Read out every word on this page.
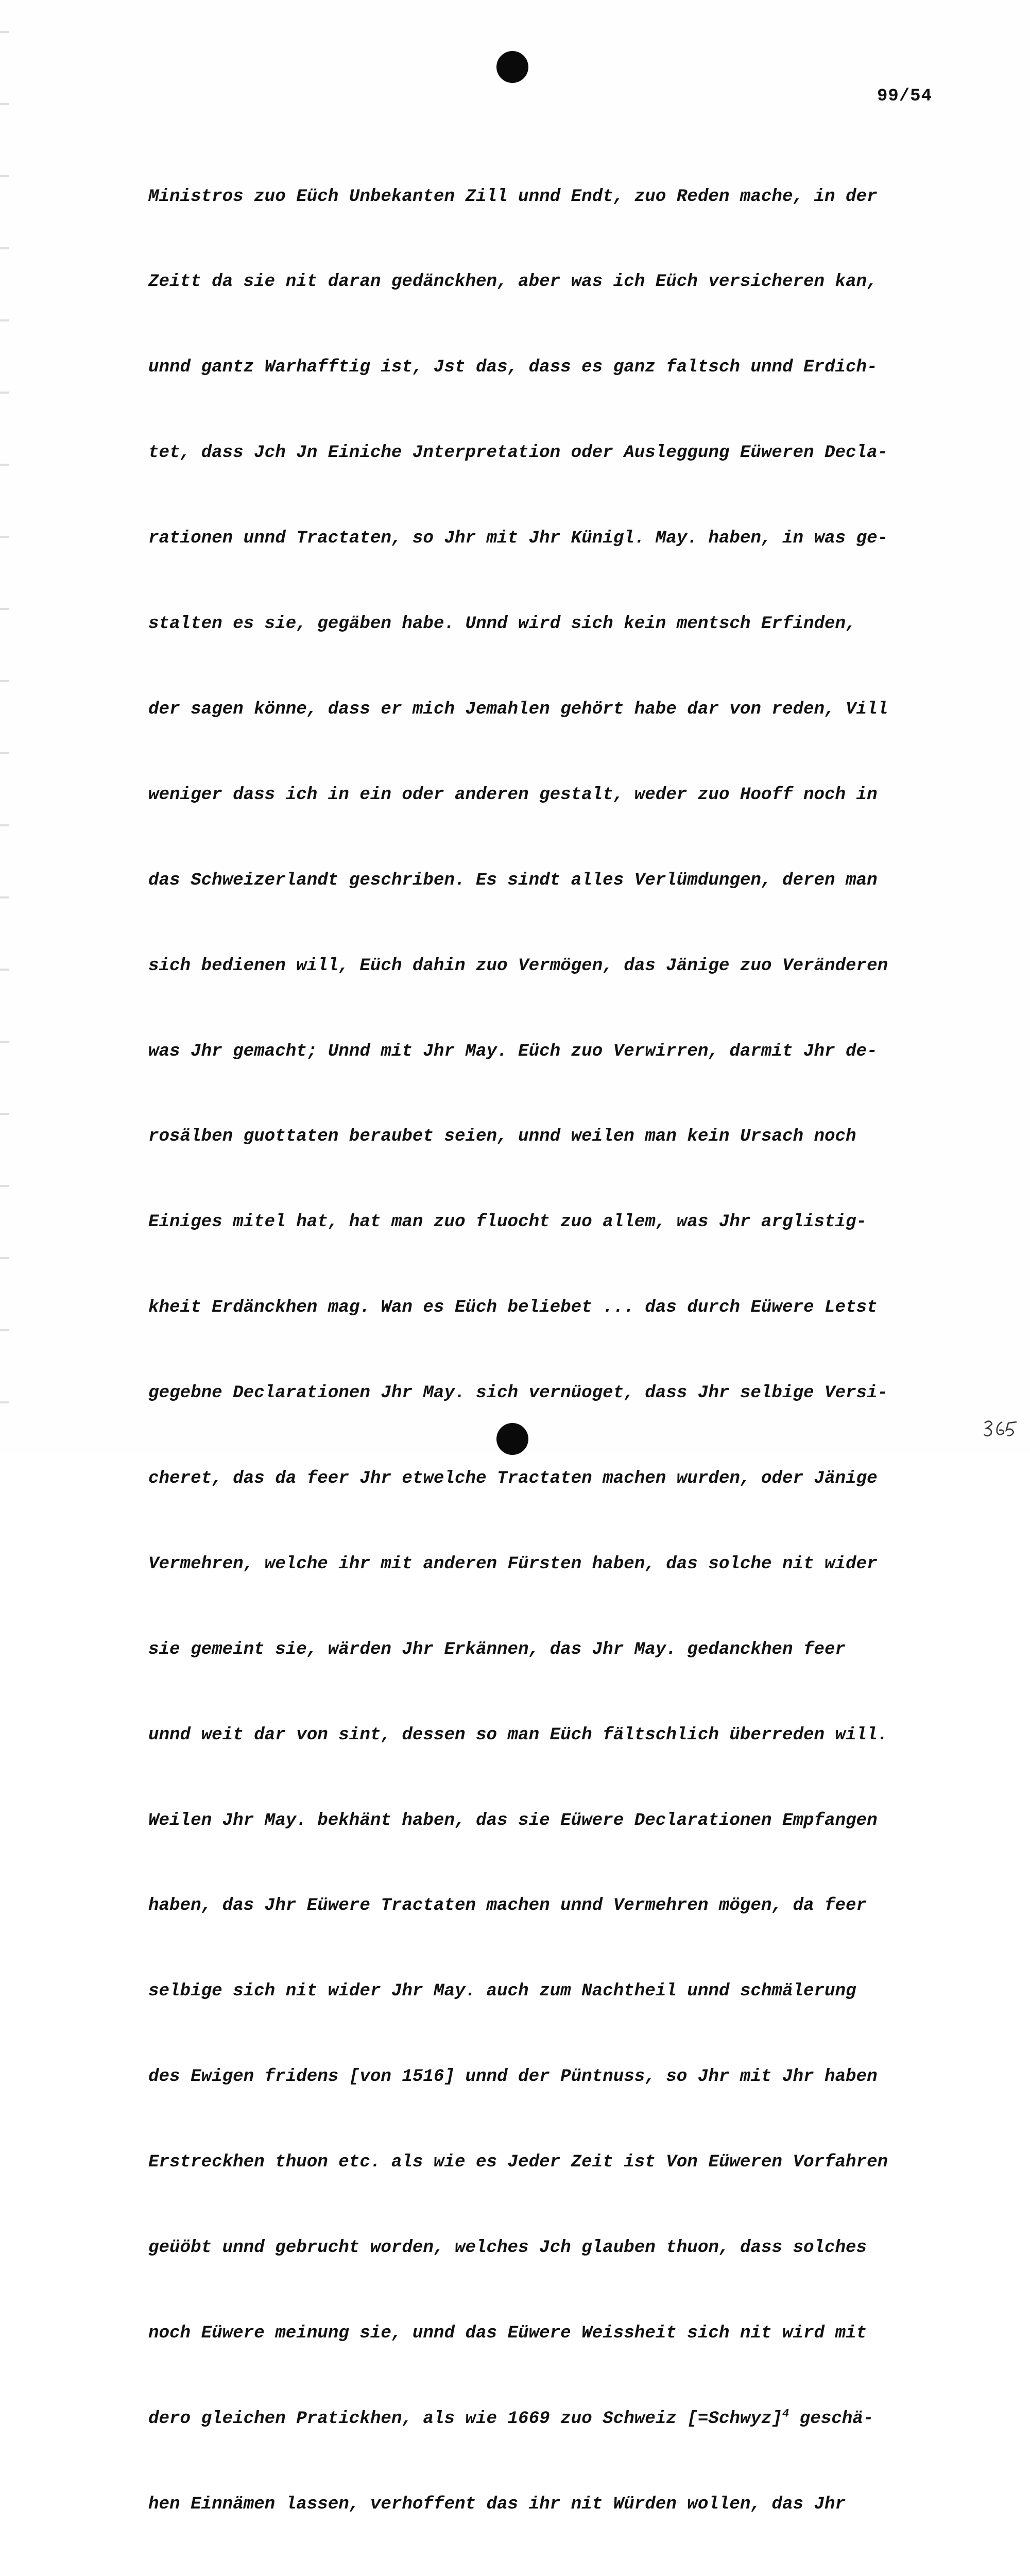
99/54

Ministros zuo Eüch Unbekanten Zill unnd Endt, zuo Reden mache, in der

Zeitt da sie nit daran gedänckhen, aber was ich Eüch versicheren kan,

unnd gantz Warhafftig ist, Jst das, dass es ganz faltsch unnd Erdich-

tet, dass Jch Jn Einiche Jnterpretation oder Ausleggung Eüweren Decla-

rationen unnd Tractaten, so Jhr mit Jhr Künigl. May. haben, in was ge-

stalten es sie, gegäben habe. Unnd wird sich kein mentsch Erfinden,

der sagen könne, dass er mich Jemahlen gehört habe dar von reden, Vill

weniger dass ich in ein oder anderen gestalt, weder zuo Hooff noch in

das Schweizerlandt geschriben. Es sindt alles Verlümdungen, deren man

sich bedienen will, Eüch dahin zuo Vermögen, das Jänige zuo Veränderen

was Jhr gemacht; Unnd mit Jhr May. Eüch zuo Verwirren, darmit Jhr de-

rosälben guottaten beraubet seien, unnd weilen man kein Ursach noch

Einiges mitel hat, hat man zuo fluocht zuo allem, was Jhr arglistig-

kheit Erdänckhen mag. Wan es Eüch beliebet ... das durch Eüwere Letst

gegebne Declarationen Jhr May. sich vernüoget, dass Jhr selbige Versi-

cheret, das da feer Jhr etwelche Tractaten machen wurden, oder Jänige

Vermehren, welche ihr mit anderen Fürsten haben, das solche nit wider

sie gemeint sie, wärden Jhr Erkännen, das Jhr May. gedanckhen feer

unnd weit dar von sint, dessen so man Eüch fältschlich überreden will.

Weilen Jhr May. bekhänt haben, das sie Eüwere Declarationen Empfangen

haben, das Jhr Eüwere Tractaten machen unnd Vermehren mögen, da feer

selbige sich nit wider Jhr May. auch zum Nachtheil unnd schmälerung

des Ewigen fridens [von 1516] unnd der Püntnuss, so Jhr mit Jhr haben

Erstreckhen thuon etc. als wie es Jeder Zeit ist Von Eüweren Vorfahren

geüöbt unnd gebrucht worden, welches Jch glauben thuon, dass solches

noch Eüwere meinung sie, unnd das Eüwere Weissheit sich nit wird mit

dero gleichen Pratickhen, als wie 1669 zuo Schweiz [=Schwyz]$^4$ geschä-

hen Einnämen lassen, verhoffent das ihr nit Würden wollen, das Jhr
